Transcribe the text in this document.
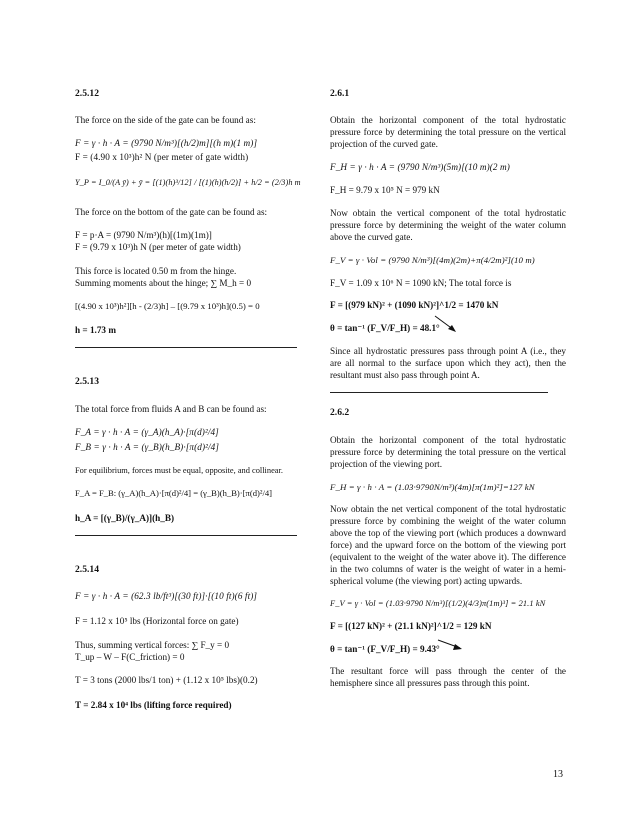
2.5.12

The force on the side of the gate can be found as:

F = γ · h · A = (9790 N/m³)[(h/2)m][(h m)(1 m)]

F = (4.90 x 10³)h² N (per meter of gate width)

Y_P = I_0/(A ȳ) + ȳ = [(1)(h)³/12] / [(1)(h)(h/2)] + h/2 = (2/3)h m

The force on the bottom of the gate can be found as:

F = p·A = (9790 N/m³)(h)[(1m)(1m)]

F = (9.79 x 10³)h N (per meter of gate width)

This force is located 0.50 m from the hinge.

Summing moments about the hinge; ∑ M_h = 0

[(4.90 x 10³)h²][h - (2/3)h] – [(9.79 x 10³)h](0.5) = 0

h = 1.73 m

2.5.13

The total force from fluids A and B can be found as:

F_A = γ · h · A = (γ_A)(h_A)·[π(d)²/4]

F_B = γ · h · A = (γ_B)(h_B)·[π(d)²/4]

For equilibrium, forces must be equal, opposite, and collinear.

F_A = F_B: (γ_A)(h_A)·[π(d)²/4] = (γ_B)(h_B)·[π(d)²/4]

h_A = [(γ_B)/(γ_A)](h_B)

2.5.14

F = γ · h · A = (62.3 lb/ft³)[(30 ft)]·[(10 ft)(6 ft)]

F = 1.12 x 10⁵ lbs (Horizontal force on gate)

Thus, summing vertical forces: ∑ F_y = 0

T_up – W – F(C_friction) = 0

T = 3 tons (2000 lbs/1 ton) + (1.12 x 10⁵ lbs)(0.2)

T = 2.84 x 10⁴ lbs (lifting force required)

2.6.1

Obtain the horizontal component of the total hydrostatic pressure force by determining the total pressure on the vertical projection of the curved gate.

F_H = γ · h · A = (9790 N/m³)(5m)[(10 m)(2 m)

F_H = 9.79 x 10⁵ N = 979 kN

Now obtain the vertical component of the total hydrostatic pressure force by determining the weight of the water column above the curved gate.

F_V = γ · Vol = (9790 N/m³)[(4m)(2m)+π(4/2m)²](10 m)

F_V = 1.09 x 10⁶ N = 1090 kN; The total force is

F = [(979 kN)² + (1090 kN)²]^1/2 = 1470 kN

θ = tan⁻¹ (F_V/F_H) = 48.1°

Since all hydrostatic pressures pass through point A (i.e., they are all normal to the surface upon which they act), then the resultant must also pass through point A.

2.6.2

Obtain the horizontal component of the total hydrostatic pressure force by determining the total pressure on the vertical projection of the viewing port.

F_H = γ · h · A = (1.03·9790N/m³)(4m)[π(1m)²]=127 kN

Now obtain the net vertical component of the total hydrostatic pressure force by combining the weight of the water column above the top of the viewing port (which produces a downward force) and the upward force on the bottom of the viewing port (equivalent to the weight of the water above it). The difference in the two columns of water is the weight of water in a hemi-spherical volume (the viewing port) acting upwards.

F_V = γ · Vol = (1.03·9790 N/m³)[(1/2)(4/3)π(1m)³] = 21.1 kN

F = [(127 kN)² + (21.1 kN)²]^1/2 = 129 kN

θ = tan⁻¹ (F_V/F_H) = 9.43°

The resultant force will pass through the center of the hemisphere since all pressures pass through this point.

13
